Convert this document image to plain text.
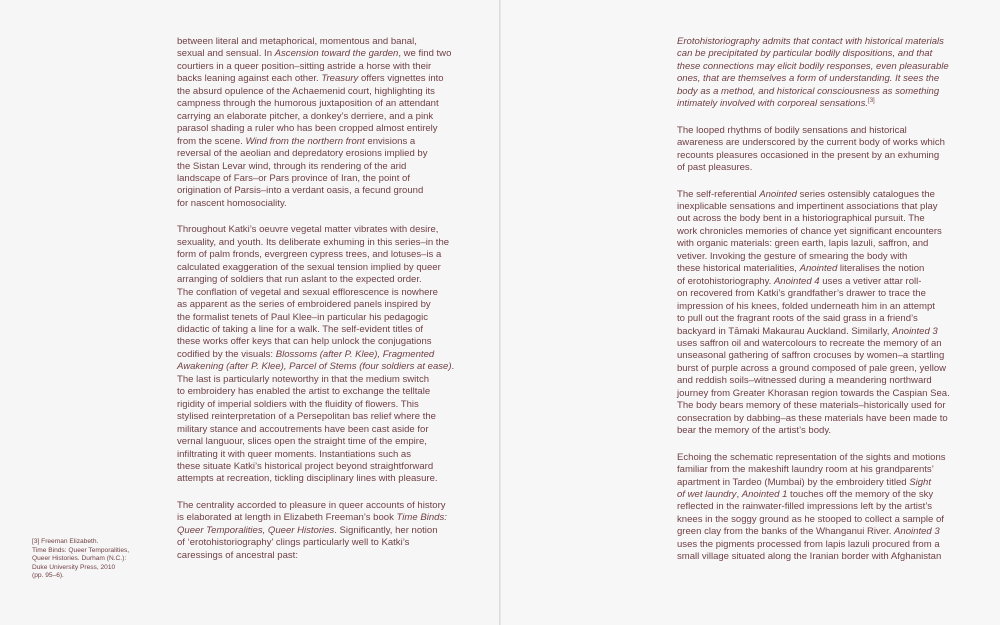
between literal and metaphorical, momentous and banal,
sexual and sensual. In Ascension toward the garden, we find two
courtiers in a queer position–sitting astride a horse with their
backs leaning against each other. Treasury offers vignettes into
the absurd opulence of the Achaemenid court, highlighting its
campness through the humorous juxtaposition of an attendant
carrying an elaborate pitcher, a donkey’s derriere, and a pink
parasol shading a ruler who has been cropped almost entirely
from the scene. Wind from the northern front envisions a
reversal of the aeolian and depredatory erosions implied by
the Sistan Levar wind, through its rendering of the arid
landscape of Fars–or Pars province of Iran, the point of
origination of Parsis–into a verdant oasis, a fecund ground
for nascent homosociality.

Throughout Katki’s oeuvre vegetal matter vibrates with desire,
sexuality, and youth. Its deliberate exhuming in this series–in the
form of palm fronds, evergreen cypress trees, and lotuses–is a
calculated exaggeration of the sexual tension implied by queer
arranging of soldiers that run aslant to the expected order.
The conflation of vegetal and sexual efflorescence is nowhere
as apparent as the series of embroidered panels inspired by
the formalist tenets of Paul Klee–in particular his pedagogic
didactic of taking a line for a walk. The self-evident titles of
these works offer keys that can help unlock the conjugations
codified by the visuals: Blossoms (after P. Klee), Fragmented
Awakening (after P. Klee), Parcel of Stems (four soldiers at ease).
The last is particularly noteworthy in that the medium switch
to embroidery has enabled the artist to exchange the telltale
rigidity of imperial soldiers with the fluidity of flowers. This
stylised reinterpretation of a Persepolitan bas relief where the
military stance and accoutrements have been cast aside for
vernal languour, slices open the straight time of the empire,
infiltrating it with queer moments. Instantiations such as
these situate Katki’s historical project beyond straightforward
attempts at recreation, tickling disciplinary lines with pleasure.

The centrality accorded to pleasure in queer accounts of history
is elaborated at length in Elizabeth Freeman’s book Time Binds:
Queer Temporalities, Queer Histories. Significantly, her notion
of ‘erotohistoriography’ clings particularly well to Katki’s
caressings of ancestral past:

[3] Freeman Elizabeth.
Time Binds: Queer Temporalities,
Queer Histories. Durham (N.C.):
Duke University Press, 2010
(pp. 95–6).

Erotohistoriography admits that contact with historical materials
can be precipitated by particular bodily dispositions, and that
these connections may elicit bodily responses, even pleasurable
ones, that are themselves a form of understanding. It sees the
body as a method, and historical consciousness as something
intimately involved with corporeal sensations.[3]

The looped rhythms of bodily sensations and historical
awareness are underscored by the current body of works which
recounts pleasures occasioned in the present by an exhuming
of past pleasures.

The self-referential Anointed series ostensibly catalogues the
inexplicable sensations and impertinent associations that play
out across the body bent in a historiographical pursuit. The
work chronicles memories of chance yet significant encounters
with organic materials: green earth, lapis lazuli, saffron, and
vetiver. Invoking the gesture of smearing the body with
these historical materialities, Anointed literalises the notion
of erotohistoriography. Anointed 4 uses a vetiver attar roll-
on recovered from Katki’s grandfather’s drawer to trace the
impression of his knees, folded underneath him in an attempt
to pull out the fragrant roots of the said grass in a friend’s
backyard in Tāmaki Makaurau Auckland. Similarly, Anointed 3
uses saffron oil and watercolours to recreate the memory of an
unseasonal gathering of saffron crocuses by women–a startling
burst of purple across a ground composed of pale green, yellow
and reddish soils–witnessed during a meandering northward
journey from Greater Khorasan region towards the Caspian Sea.
The body bears memory of these materials–historically used for
consecration by dabbing–as these materials have been made to
bear the memory of the artist’s body.

Echoing the schematic representation of the sights and motions
familiar from the makeshift laundry room at his grandparents’
apartment in Tardeo (Mumbai) by the embroidery titled Sight
of wet laundry, Anointed 1 touches off the memory of the sky
reflected in the rainwater-filled impressions left by the artist’s
knees in the soggy ground as he stooped to collect a sample of
green clay from the banks of the Whanganui River. Anointed 3
uses the pigments processed from lapis lazuli procured from a
small village situated along the Iranian border with Afghanistan
